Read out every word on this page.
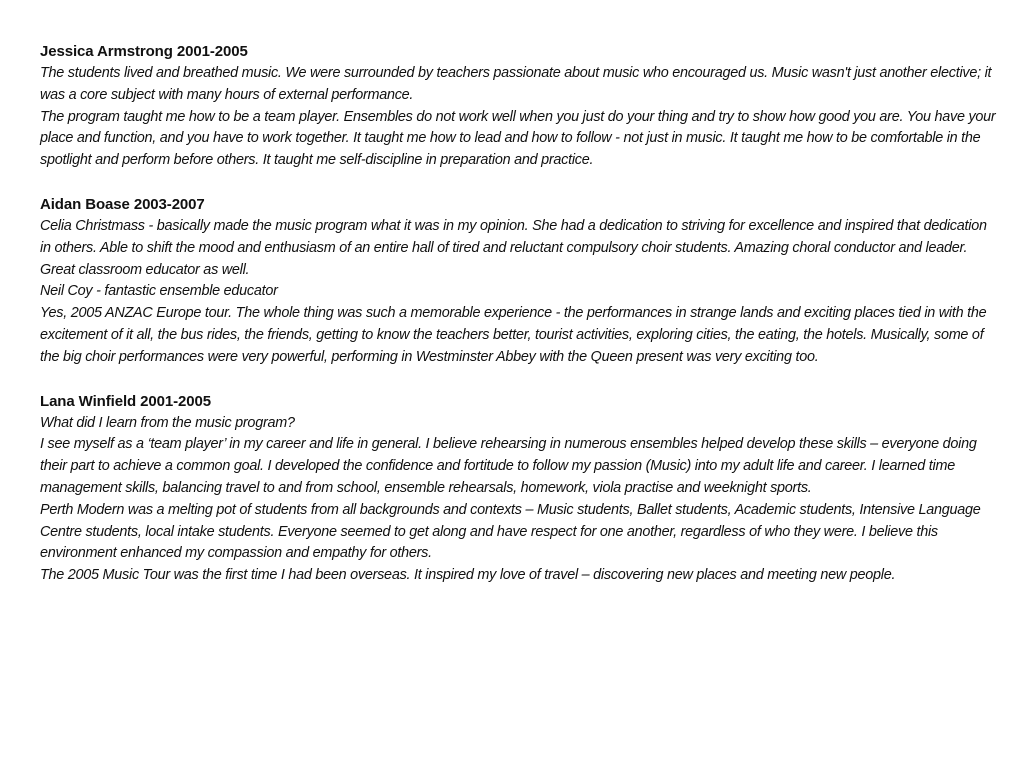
Jessica Armstrong 2001-2005

The students lived and breathed music. We were surrounded by teachers passionate about music who encouraged us. Music wasn't just another elective; it was a core subject with many hours of external performance.

The program taught me how to be a team player. Ensembles do not work well when you just do your thing and try to show how good you are. You have your place and function, and you have to work together. It taught me how to lead and how to follow - not just in music. It taught me how to be comfortable in the spotlight and perform before others. It taught me self-discipline in preparation and practice.

Aidan Boase 2003-2007

Celia Christmass - basically made the music program what it was in my opinion. She had a dedication to striving for excellence and inspired that dedication in others. Able to shift the mood and enthusiasm of an entire hall of tired and reluctant compulsory choir students. Amazing choral conductor and leader. Great classroom educator as well.

Neil Coy - fantastic ensemble educator

Yes, 2005 ANZAC Europe tour. The whole thing was such a memorable experience - the performances in strange lands and exciting places tied in with the excitement of it all, the bus rides, the friends, getting to know the teachers better, tourist activities, exploring cities, the eating, the hotels. Musically, some of the big choir performances were very powerful, performing in Westminster Abbey with the Queen present was very exciting too.

Lana Winfield 2001-2005

What did I learn from the music program?

I see myself as a ‘team player’ in my career and life in general. I believe rehearsing in numerous ensembles helped develop these skills – everyone doing their part to achieve a common goal. I developed the confidence and fortitude to follow my passion (Music) into my adult life and career. I learned time management skills, balancing travel to and from school, ensemble rehearsals, homework, viola practise and weeknight sports.

Perth Modern was a melting pot of students from all backgrounds and contexts – Music students, Ballet students, Academic students, Intensive Language Centre students, local intake students. Everyone seemed to get along and have respect for one another, regardless of who they were. I believe this environment enhanced my compassion and empathy for others.

The 2005 Music Tour was the first time I had been overseas. It inspired my love of travel – discovering new places and meeting new people.
